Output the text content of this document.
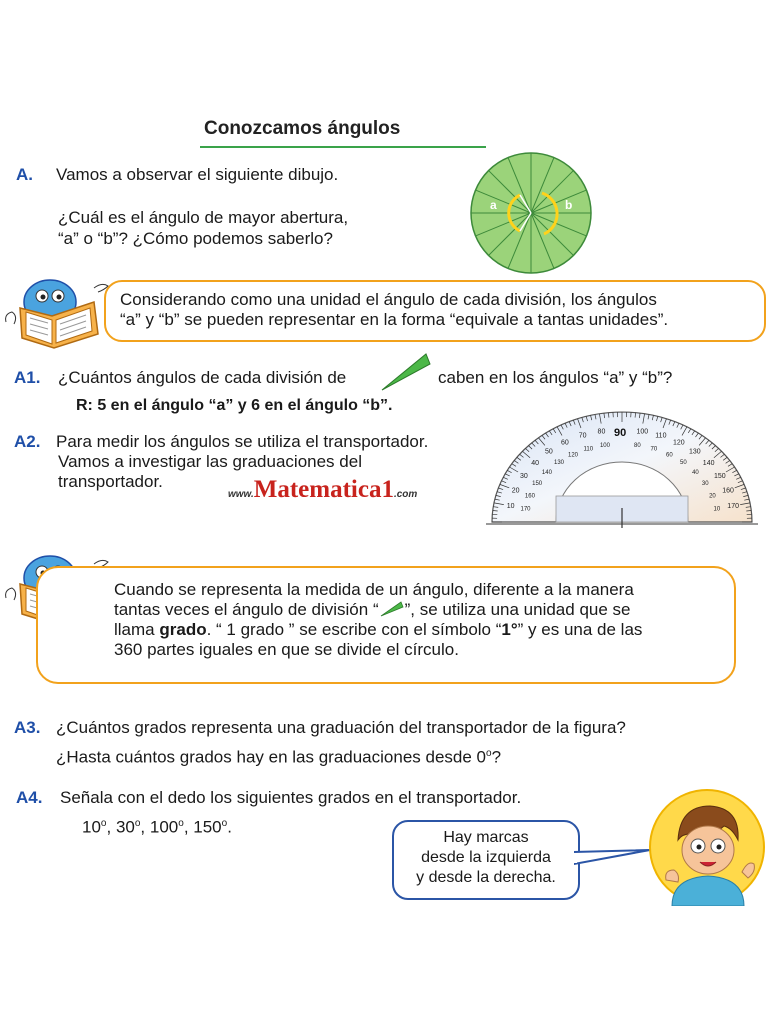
Conozcamos ángulos
A. Vamos a observar el siguiente dibujo.
¿Cuál es el ángulo de mayor abertura,
“a” o “b”? ¿Cómo podemos saberlo?
a	b
Considerando como una unidad el ángulo de cada división, los ángulos
“a” y “b” se pueden representar en la forma “equivale a tantas unidades”.
A1. ¿Cuántos ángulos de cada división de	caben en los ángulos “a” y “b”?
R: 5 en el ángulo “a” y 6 en el ángulo “b”.
A2. Para medir los ángulos se utiliza el transportador.
Vamos a investigar las graduaciones del
transportador.
www.Matematica1.com
10
20
30
40
50
60
70
80	100
110
120
130
140
150
160
170
170
160
150
140
130
120
110
100	80
70
60
50
40
30
20
10
90
Cuando se representa la medida de un ángulo, diferente a la manera
tantas veces el ángulo de división “ ”, se utiliza una unidad que se
llama grado. “ 1 grado ” se escribe con el símbolo “1°” y es una de las
360 partes iguales en que se divide el círculo.
A3. ¿Cuántos grados representa una graduación del transportador de la figura?
¿Hasta cuántos grados hay en las graduaciones desde 0$^o$?
A4. Señala con el dedo los siguientes grados en el transportador.
10$^o$, 30$^o$, 100$^o$, 150$^o$.
Hay marcas
desde la izquierda
y desde la derecha.
